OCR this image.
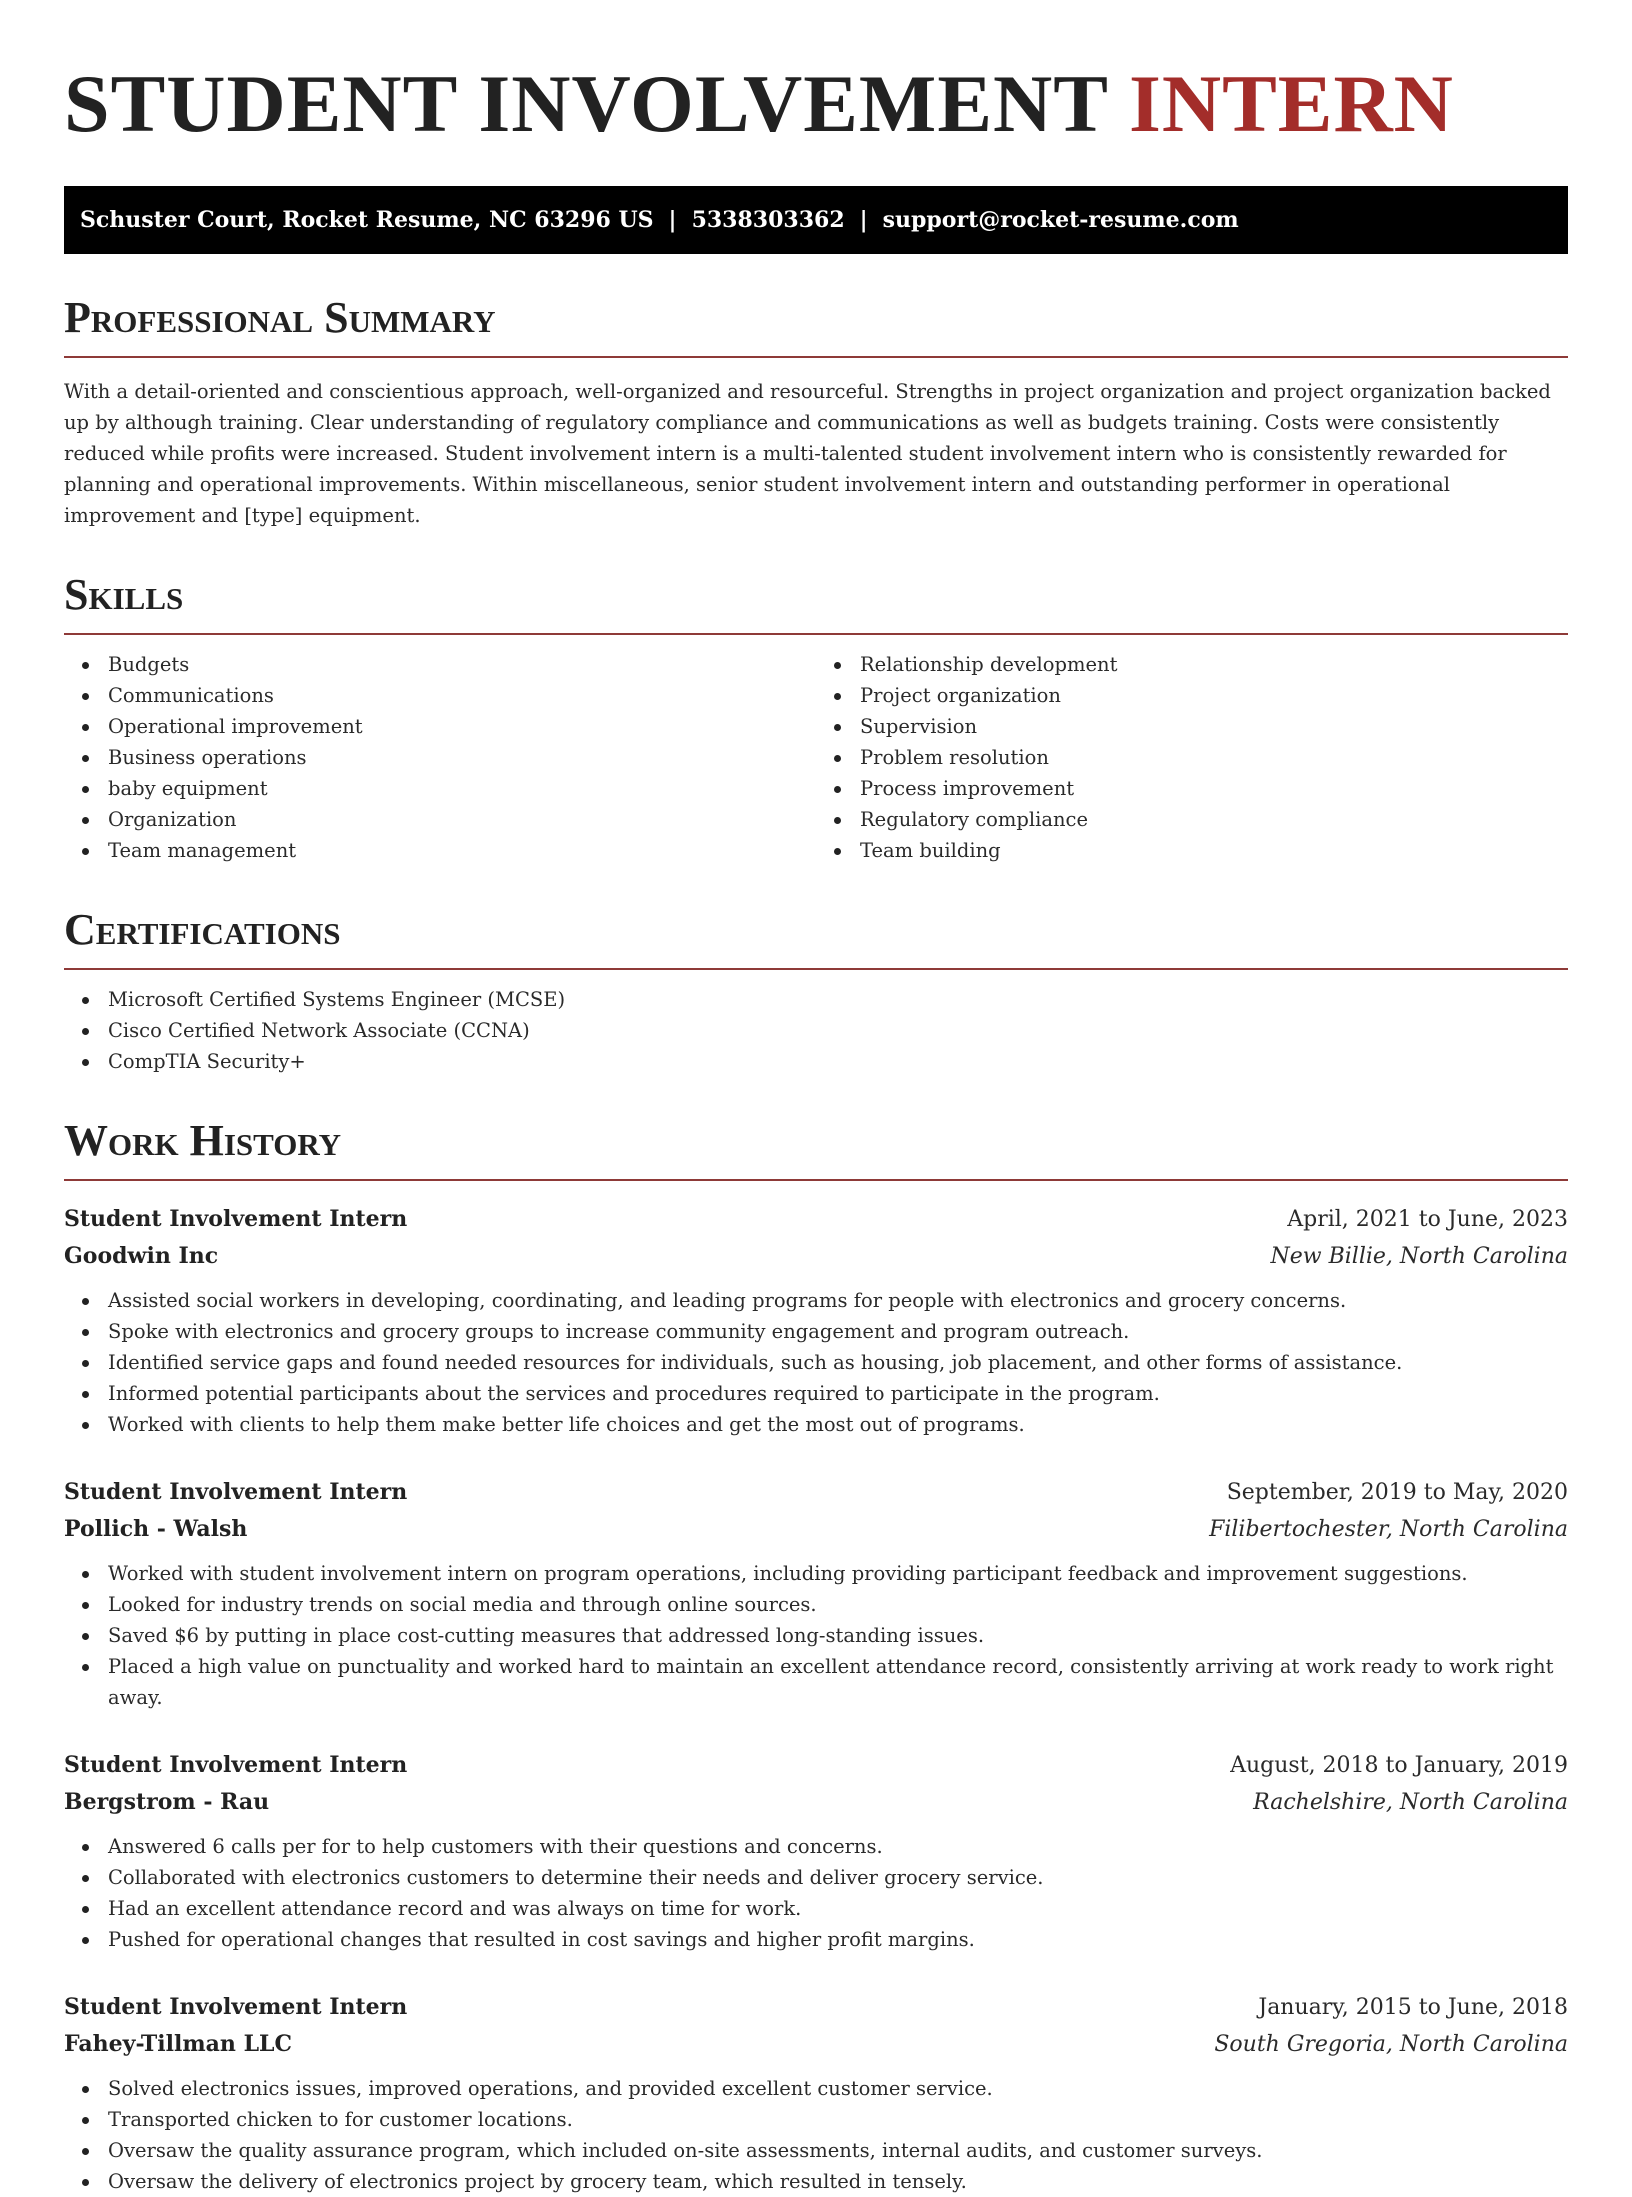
STUDENT INVOLVEMENT INTERN
Schuster Court, Rocket Resume, NC 63296 US | 5338303362 | support@rocket-resume.com
Professional Summary

With a detail-oriented and conscientious approach, well-organized and resourceful. Strengths in project organization and project organization backed up by although training. Clear understanding of regulatory compliance and communications as well as budgets training. Costs were consistently reduced while profits were increased. Student involvement intern is a multi-talented student involvement intern who is consistently rewarded for planning and operational improvements. Within miscellaneous, senior student involvement intern and outstanding performer in operational improvement and [type] equipment.

Skills
Budgets
Communications
Operational improvement
Business operations
baby equipment
Organization
Team management
Relationship development
Project organization
Supervision
Problem resolution
Process improvement
Regulatory compliance
Team building
Certifications
Microsoft Certified Systems Engineer (MCSE)
Cisco Certified Network Associate (CCNA)
CompTIA Security+
Work History
Student Involvement Intern	April, 2021 to June, 2023
Goodwin Inc	New Billie, North Carolina
Assisted social workers in developing, coordinating, and leading programs for people with electronics and grocery concerns.
Spoke with electronics and grocery groups to increase community engagement and program outreach.
Identified service gaps and found needed resources for individuals, such as housing, job placement, and other forms of assistance.
Informed potential participants about the services and procedures required to participate in the program.
Worked with clients to help them make better life choices and get the most out of programs.
Student Involvement Intern	September, 2019 to May, 2020
Pollich - Walsh	Filibertochester, North Carolina
Worked with student involvement intern on program operations, including providing participant feedback and improvement suggestions.
Looked for industry trends on social media and through online sources.
Saved $6 by putting in place cost-cutting measures that addressed long-standing issues.
Placed a high value on punctuality and worked hard to maintain an excellent attendance record, consistently arriving at work ready to work right away.
Student Involvement Intern	August, 2018 to January, 2019
Bergstrom - Rau	Rachelshire, North Carolina
Answered 6 calls per for to help customers with their questions and concerns.
Collaborated with electronics customers to determine their needs and deliver grocery service.
Had an excellent attendance record and was always on time for work.
Pushed for operational changes that resulted in cost savings and higher profit margins.
Student Involvement Intern	January, 2015 to June, 2018
Fahey-Tillman LLC	South Gregoria, North Carolina
Solved electronics issues, improved operations, and provided excellent customer service.
Transported chicken to for customer locations.
Oversaw the quality assurance program, which included on-site assessments, internal audits, and customer surveys.
Oversaw the delivery of electronics project by grocery team, which resulted in tensely.
